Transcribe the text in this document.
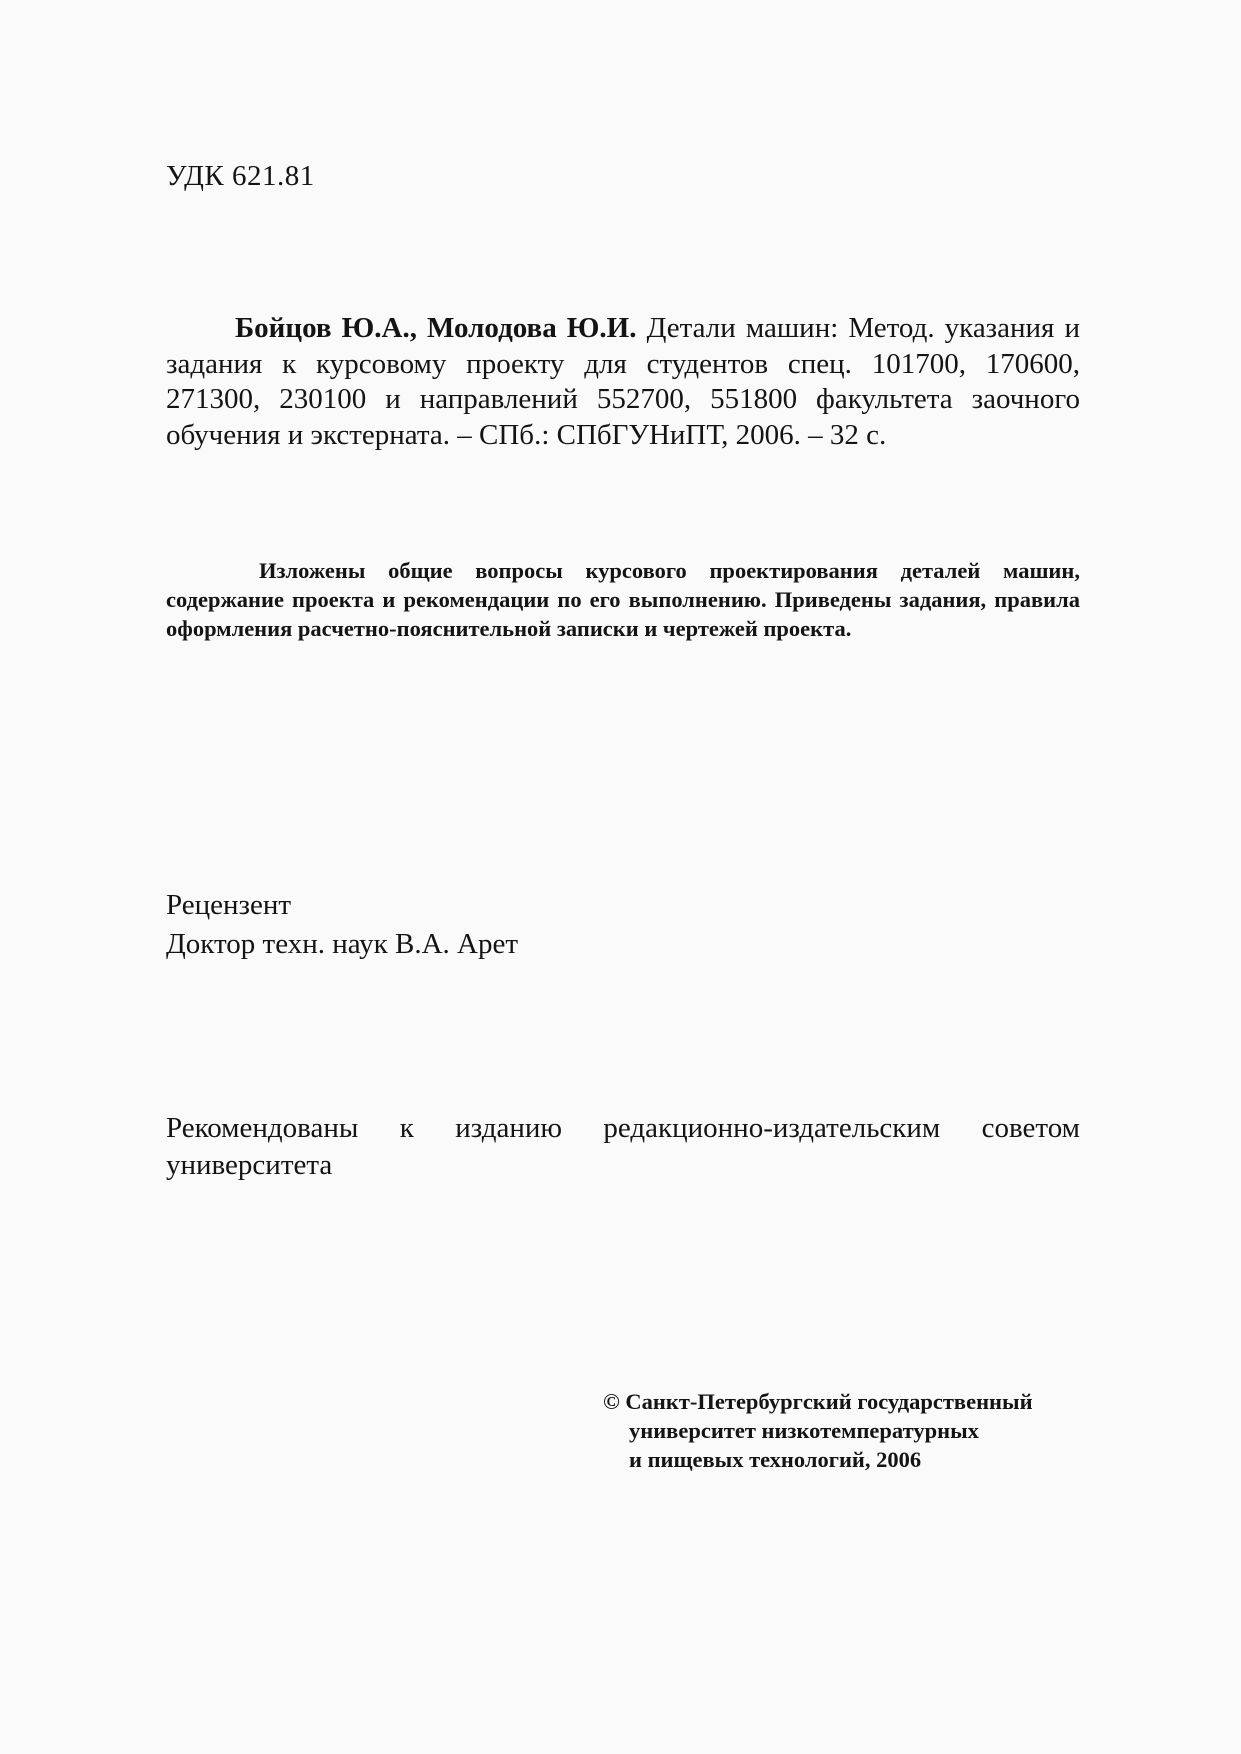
УДК 621.81
Бойцов Ю.А., Молодова Ю.И. Детали машин: Метод. указания и задания к курсовому проекту для студентов спец. 101700, 170600, 271300, 230100 и направлений 552700, 551800 факультета заочного обучения и экстерната. – СПб.: СПбГУНиПТ, 2006. – 32 с.
Изложены общие вопросы курсового проектирования деталей машин, содержание проекта и рекомендации по его выполнению. Приведены задания, правила оформления расчетно-пояснительной записки и чертежей проекта.
Рецензент
Доктор техн. наук В.А. Арет
Рекомендованы к изданию редакционно-издательским советом университета
© Санкт-Петербургский государственный
университет низкотемпературных
и пищевых технологий, 2006
